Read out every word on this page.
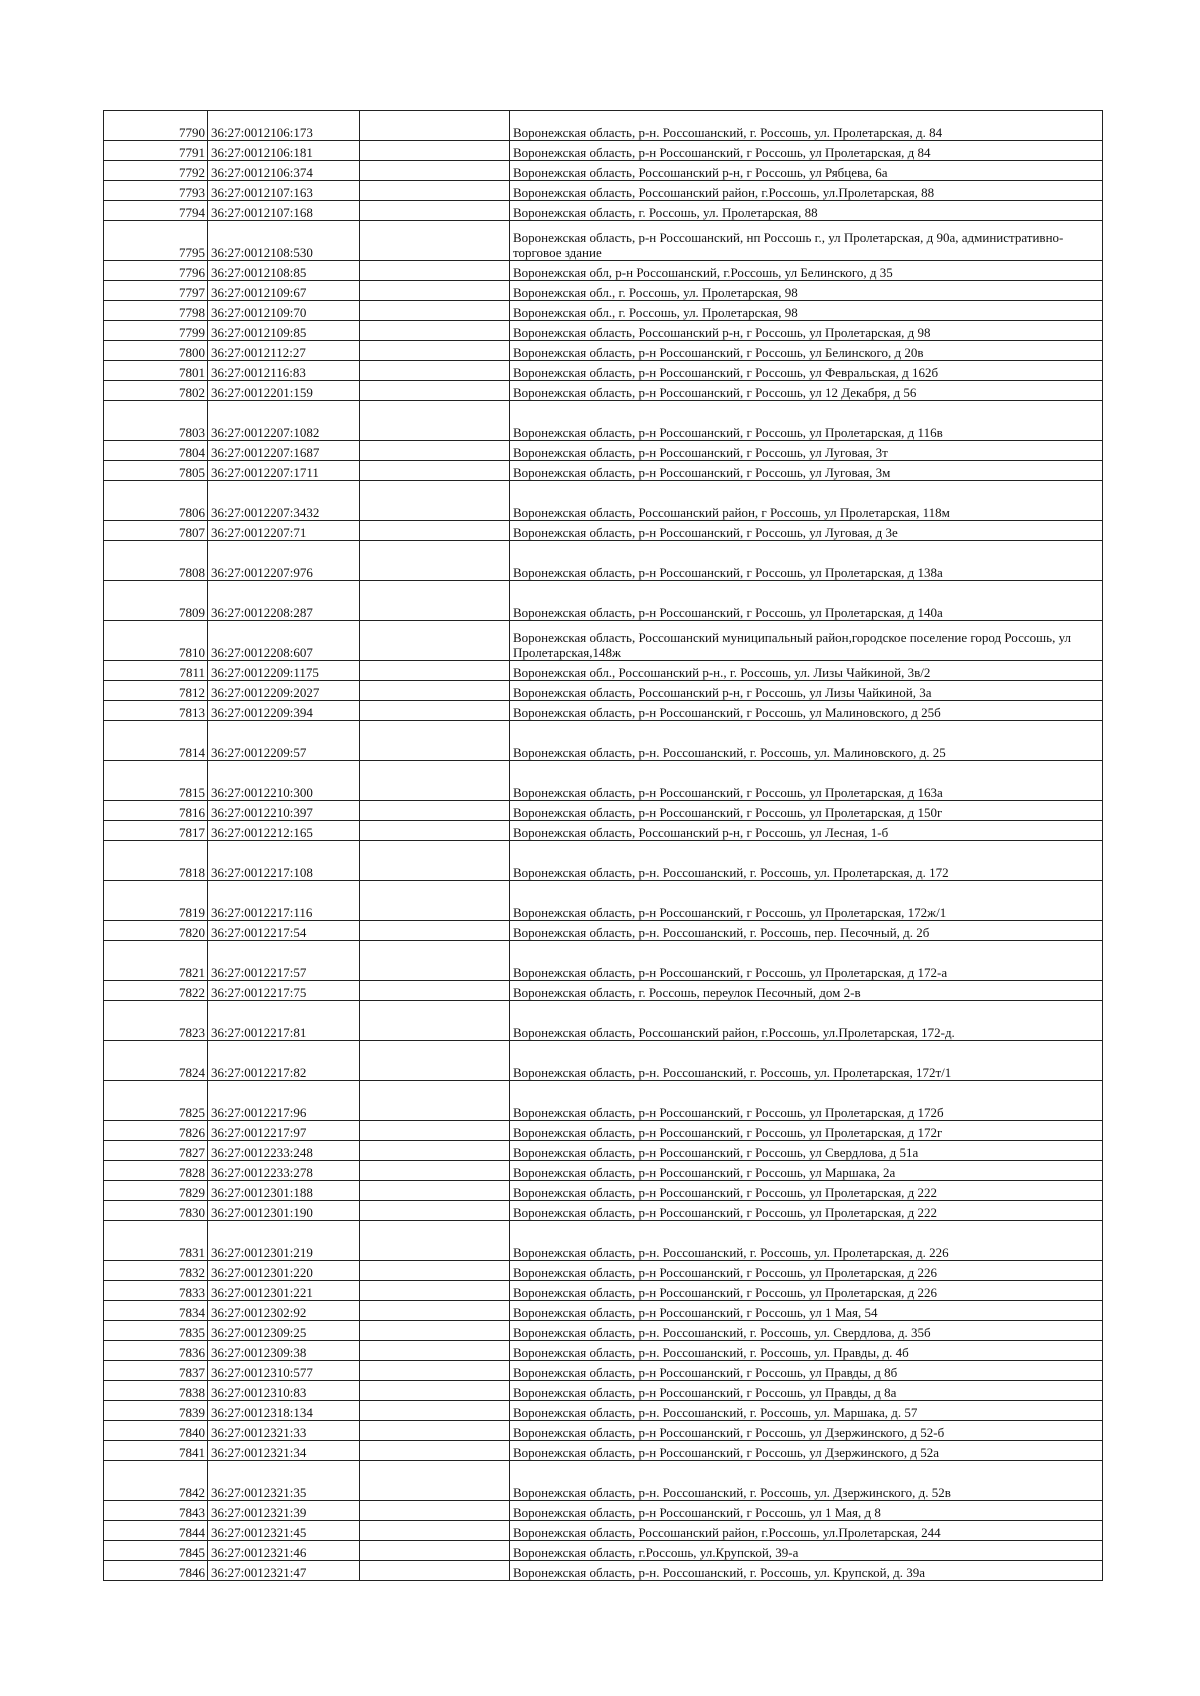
7790	36:27:0012106:173		Воронежская область, р-н. Россошанский, г. Россошь, ул. Пролетарская, д. 84
7791	36:27:0012106:181		Воронежская область, р-н Россошанский, г Россошь, ул Пролетарская, д 84
7792	36:27:0012106:374		Воронежская область, Россошанский р-н, г Россошь, ул Рябцева, 6а
7793	36:27:0012107:163		Воронежская область, Россошанский район, г.Россошь, ул.Пролетарская, 88
7794	36:27:0012107:168		Воронежская область, г. Россошь, ул. Пролетарская, 88
7795	36:27:0012108:530		Воронежская область, р-н Россошанский, нп Россошь г., ул Пролетарская, д 90а, административно-торговое здание
7796	36:27:0012108:85		Воронежская обл, р-н Россошанский, г.Россошь, ул Белинского, д 35
7797	36:27:0012109:67		Воронежская обл., г. Россошь, ул. Пролетарская, 98
7798	36:27:0012109:70		Воронежская обл., г. Россошь, ул. Пролетарская, 98
7799	36:27:0012109:85		Воронежская область, Россошанский р-н, г Россошь, ул Пролетарская, д 98
7800	36:27:0012112:27		Воронежская область, р-н Россошанский, г Россошь, ул Белинского, д 20в
7801	36:27:0012116:83		Воронежская область, р-н Россошанский, г Россошь, ул Февральская, д 162б
7802	36:27:0012201:159		Воронежская область, р-н Россошанский, г Россошь, ул 12 Декабря, д 56
7803	36:27:0012207:1082		Воронежская область, р-н Россошанский, г Россошь, ул Пролетарская, д 116в
7804	36:27:0012207:1687		Воронежская область, р-н Россошанский, г Россошь, ул Луговая, 3т
7805	36:27:0012207:1711		Воронежская область, р-н Россошанский, г Россошь, ул Луговая, 3м
7806	36:27:0012207:3432		Воронежская область, Россошанский район, г Россошь, ул Пролетарская, 118м
7807	36:27:0012207:71		Воронежская область, р-н Россошанский, г Россошь, ул Луговая, д 3е
7808	36:27:0012207:976		Воронежская область, р-н Россошанский, г Россошь, ул Пролетарская, д 138а
7809	36:27:0012208:287		Воронежская область, р-н Россошанский, г Россошь, ул Пролетарская, д 140а
7810	36:27:0012208:607		Воронежская область, Россошанский муниципальный район,городское поселение город Россошь, ул Пролетарская,148ж
7811	36:27:0012209:1175		Воронежская обл., Россошанский р-н., г. Россошь, ул. Лизы Чайкиной, 3в/2
7812	36:27:0012209:2027		Воронежская область, Россошанский р-н, г Россошь, ул Лизы Чайкиной, 3а
7813	36:27:0012209:394		Воронежская область, р-н Россошанский, г Россошь, ул Малиновского, д 25б
7814	36:27:0012209:57		Воронежская область, р-н. Россошанский, г. Россошь, ул. Малиновского, д. 25
7815	36:27:0012210:300		Воронежская область, р-н Россошанский, г Россошь, ул Пролетарская, д 163а
7816	36:27:0012210:397		Воронежская область, р-н Россошанский, г Россошь, ул Пролетарская, д 150г
7817	36:27:0012212:165		Воронежская область, Россошанский р-н, г Россошь, ул Лесная, 1-б
7818	36:27:0012217:108		Воронежская область, р-н. Россошанский, г. Россошь, ул. Пролетарская, д. 172
7819	36:27:0012217:116		Воронежская область, р-н Россошанский, г Россошь, ул Пролетарская, 172ж/1
7820	36:27:0012217:54		Воронежская область, р-н. Россошанский, г. Россошь, пер. Песочный, д. 2б
7821	36:27:0012217:57		Воронежская область, р-н Россошанский, г Россошь, ул Пролетарская, д 172-а
7822	36:27:0012217:75		Воронежская область, г. Россошь, переулок Песочный, дом 2-в
7823	36:27:0012217:81		Воронежская область, Россошанский район, г.Россошь, ул.Пролетарская, 172-д.
7824	36:27:0012217:82		Воронежская область, р-н. Россошанский, г. Россошь, ул. Пролетарская, 172т/1
7825	36:27:0012217:96		Воронежская область, р-н Россошанский, г Россошь, ул Пролетарская, д 172б
7826	36:27:0012217:97		Воронежская область, р-н Россошанский, г Россошь, ул Пролетарская, д 172г
7827	36:27:0012233:248		Воронежская область, р-н Россошанский, г Россошь, ул Свердлова, д 51а
7828	36:27:0012233:278		Воронежская область, р-н Россошанский, г Россошь, ул Маршака, 2а
7829	36:27:0012301:188		Воронежская область, р-н Россошанский, г Россошь, ул Пролетарская, д 222
7830	36:27:0012301:190		Воронежская область, р-н Россошанский, г Россошь, ул Пролетарская, д 222
7831	36:27:0012301:219		Воронежская область, р-н. Россошанский, г. Россошь, ул. Пролетарская, д. 226
7832	36:27:0012301:220		Воронежская область, р-н Россошанский, г Россошь, ул Пролетарская, д 226
7833	36:27:0012301:221		Воронежская область, р-н Россошанский, г Россошь, ул Пролетарская, д 226
7834	36:27:0012302:92		Воронежская область, р-н Россошанский, г Россошь, ул 1 Мая, 54
7835	36:27:0012309:25		Воронежская область, р-н. Россошанский, г. Россошь, ул. Свердлова, д. 35б
7836	36:27:0012309:38		Воронежская область, р-н. Россошанский, г. Россошь, ул. Правды, д. 4б
7837	36:27:0012310:577		Воронежская область, р-н Россошанский, г Россошь, ул Правды, д 8б
7838	36:27:0012310:83		Воронежская область, р-н Россошанский, г Россошь, ул Правды, д 8а
7839	36:27:0012318:134		Воронежская область, р-н. Россошанский, г. Россошь, ул. Маршака, д. 57
7840	36:27:0012321:33		Воронежская область, р-н Россошанский, г Россошь, ул Дзержинского, д 52-б
7841	36:27:0012321:34		Воронежская область, р-н Россошанский, г Россошь, ул Дзержинского, д 52а
7842	36:27:0012321:35		Воронежская область, р-н. Россошанский, г. Россошь, ул. Дзержинского, д. 52в
7843	36:27:0012321:39		Воронежская область, р-н Россошанский, г Россошь, ул 1 Мая, д 8
7844	36:27:0012321:45		Воронежская область, Россошанский район, г.Россошь, ул.Пролетарская, 244
7845	36:27:0012321:46		Воронежская область, г.Россошь, ул.Крупской, 39-а
7846	36:27:0012321:47		Воронежская область, р-н. Россошанский, г. Россошь, ул. Крупской, д. 39а
